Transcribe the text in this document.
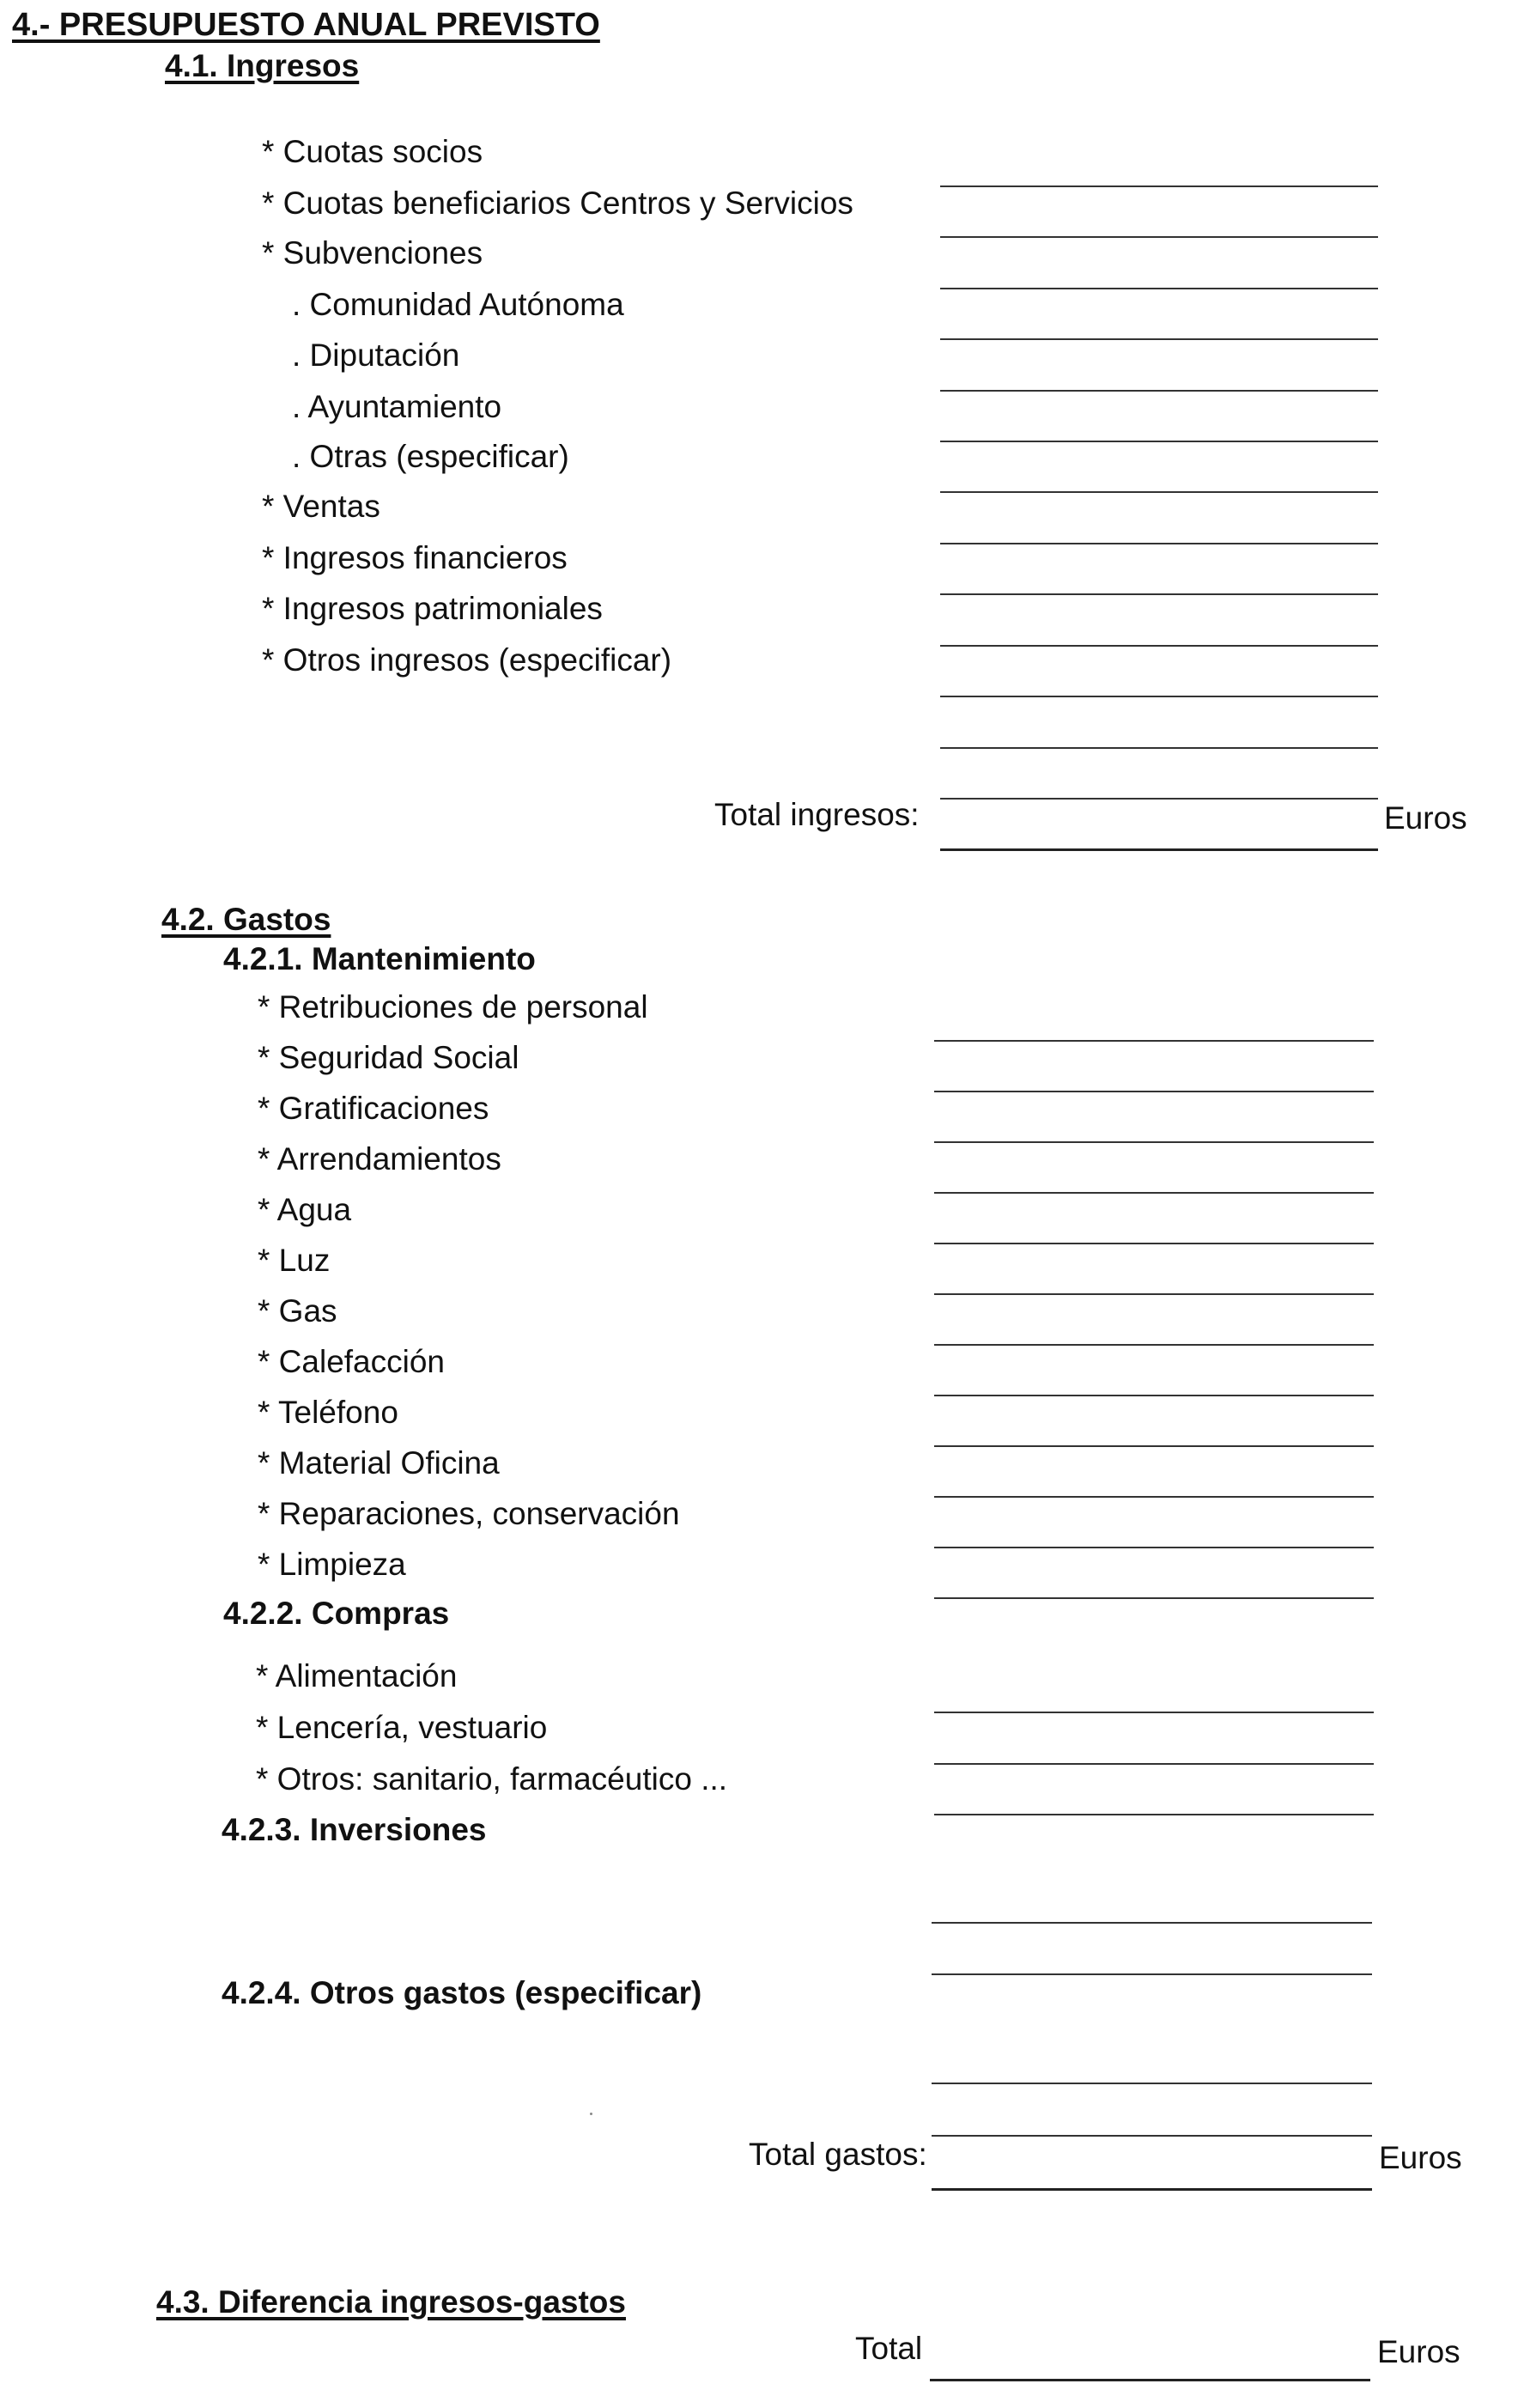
4.- PRESUPUESTO ANUAL PREVISTO
4.1. Ingresos
* Cuotas socios
* Cuotas beneficiarios Centros y Servicios
* Subvenciones
. Comunidad Autónoma
. Diputación
. Ayuntamiento
. Otras (especificar)
* Ventas
* Ingresos financieros
* Ingresos patrimoniales
* Otros ingresos (especificar)
Total ingresos:	Euros
4.2. Gastos
4.2.1. Mantenimiento
* Retribuciones de personal
* Seguridad Social
* Gratificaciones
* Arrendamientos
* Agua
* Luz
* Gas
* Calefacción
* Teléfono
* Material Oficina
* Reparaciones, conservación
* Limpieza
4.2.2. Compras
* Alimentación
* Lencería, vestuario
* Otros: sanitario, farmacéutico ...
4.2.3. Inversiones
4.2.4. Otros gastos (especificar)
Total gastos:	Euros
4.3. Diferencia ingresos-gastos
Total	Euros
